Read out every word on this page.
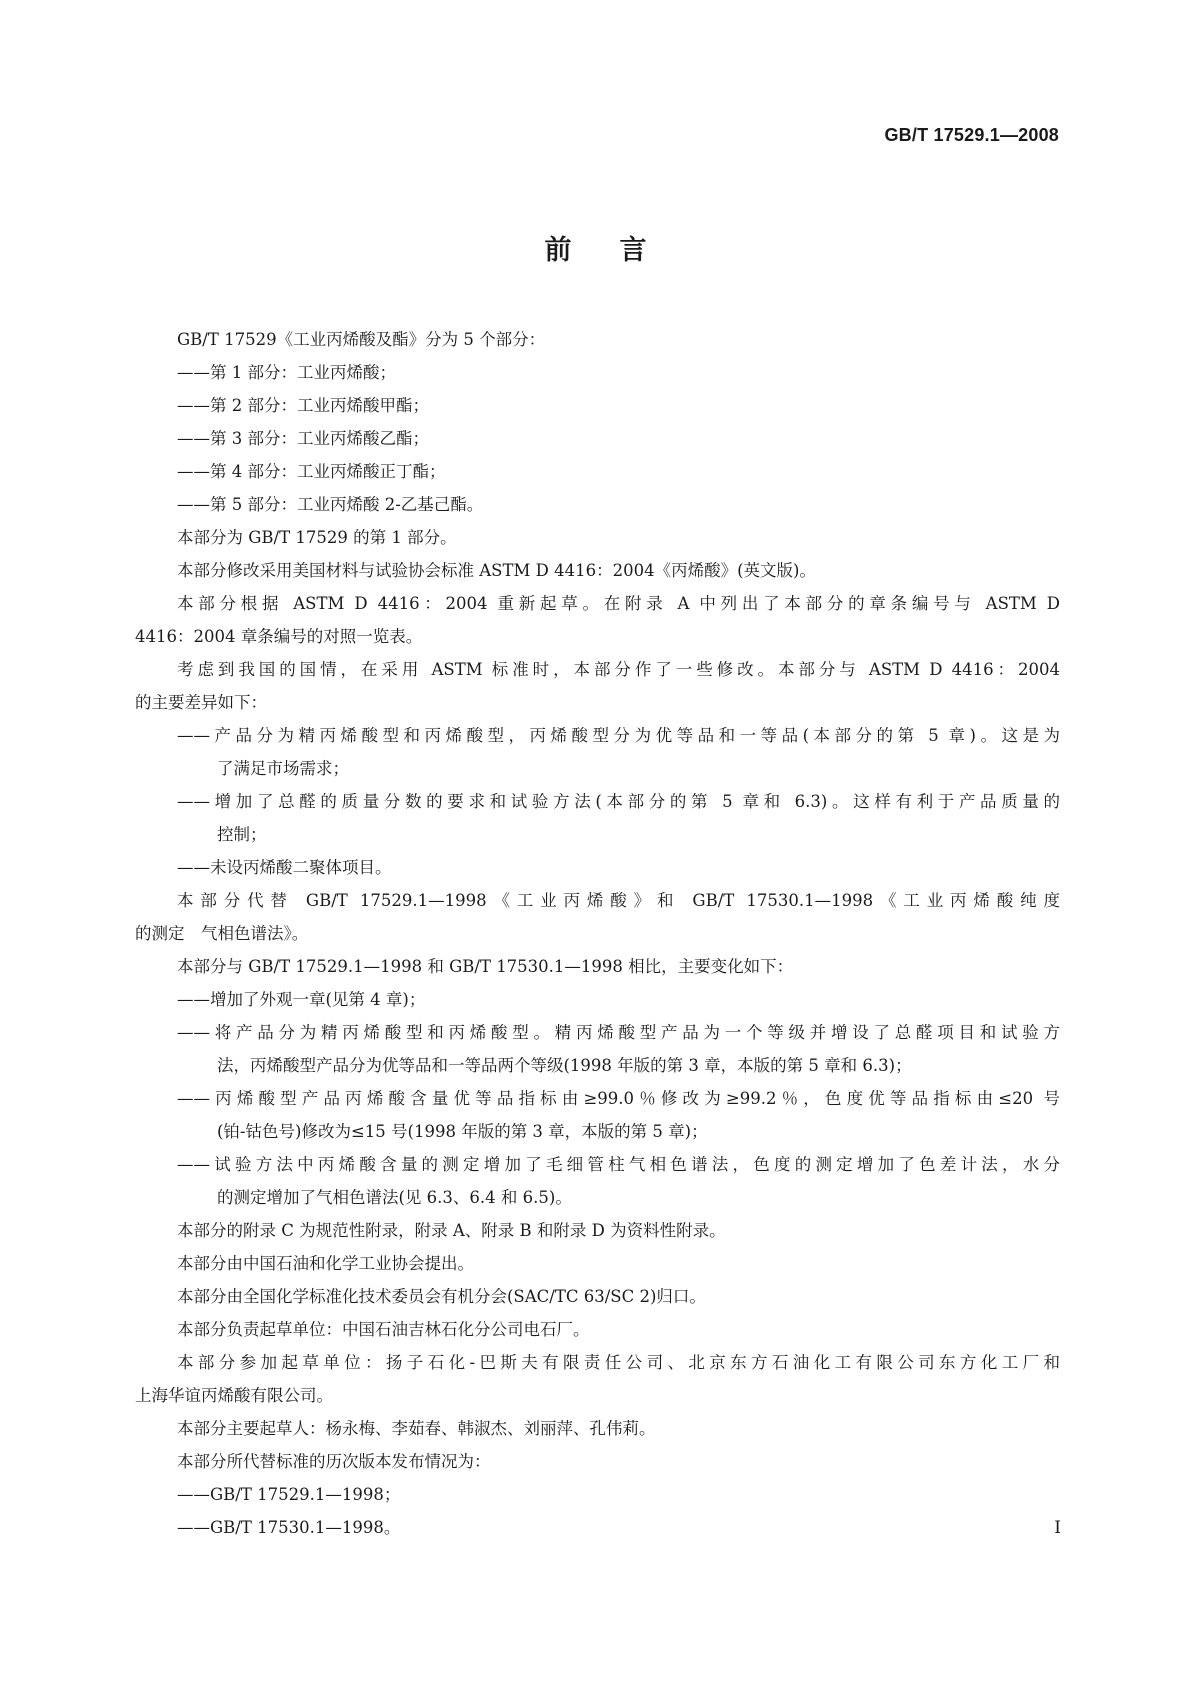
GB/T 17529.1—2008
前言
GB/T 17529《工业丙烯酸及酯》分为 5 个部分：
——第 1 部分：工业丙烯酸；
——第 2 部分：工业丙烯酸甲酯；
——第 3 部分：工业丙烯酸乙酯；
——第 4 部分：工业丙烯酸正丁酯；
——第 5 部分：工业丙烯酸 2-乙基己酯。
本部分为 GB/T 17529 的第 1 部分。
本部分修改采用美国材料与试验协会标准 ASTM D 4416：2004《丙烯酸》(英文版)。
本部分根据 ASTM D 4416：2004 重新起草。在附录 A 中列出了本部分的章条编号与 ASTM D
4416：2004 章条编号的对照一览表。
考虑到我国的国情，在采用 ASTM 标准时，本部分作了一些修改。本部分与 ASTM D 4416：2004
的主要差异如下：
——产品分为精丙烯酸型和丙烯酸型，丙烯酸型分为优等品和一等品(本部分的第 5 章)。这是为
了满足市场需求；
——增加了总醛的质量分数的要求和试验方法(本部分的第 5 章和 6.3)。这样有利于产品质量的
控制；
——未设丙烯酸二聚体项目。
本部分代替 GB/T 17529.1—1998《工业丙烯酸》和 GB/T 17530.1—1998《工业丙烯酸纯度
的测定　气相色谱法》。
本部分与 GB/T 17529.1—1998 和 GB/T 17530.1—1998 相比，主要变化如下：
——增加了外观一章(见第 4 章)；
——将产品分为精丙烯酸型和丙烯酸型。精丙烯酸型产品为一个等级并增设了总醛项目和试验方
法，丙烯酸型产品分为优等品和一等品两个等级(1998 年版的第 3 章，本版的第 5 章和 6.3)；
——丙烯酸型产品丙烯酸含量优等品指标由≥99.0％修改为≥99.2％，色度优等品指标由≤20 号
(铂-钴色号)修改为≤15 号(1998 年版的第 3 章，本版的第 5 章)；
——试验方法中丙烯酸含量的测定增加了毛细管柱气相色谱法，色度的测定增加了色差计法，水分
的测定增加了气相色谱法(见 6.3、6.4 和 6.5)。
本部分的附录 C 为规范性附录，附录 A、附录 B 和附录 D 为资料性附录。
本部分由中国石油和化学工业协会提出。
本部分由全国化学标准化技术委员会有机分会(SAC/TC 63/SC 2)归口。
本部分负责起草单位：中国石油吉林石化分公司电石厂。
本部分参加起草单位：扬子石化-巴斯夫有限责任公司、北京东方石油化工有限公司东方化工厂和
上海华谊丙烯酸有限公司。
本部分主要起草人：杨永梅、李茹春、韩淑杰、刘丽萍、孔伟莉。
本部分所代替标准的历次版本发布情况为：
——GB/T 17529.1—1998；
——GB/T 17530.1—1998。	Ⅰ
